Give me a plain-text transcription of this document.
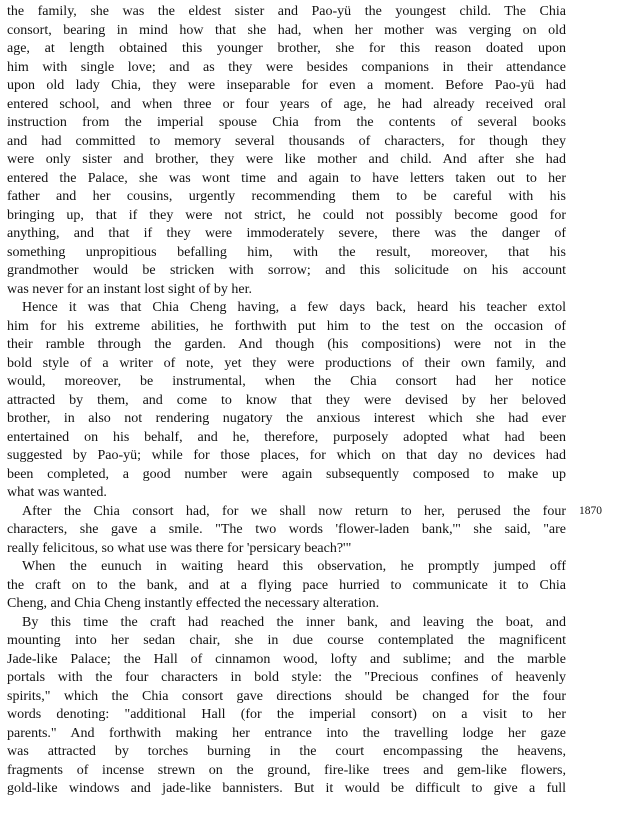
the family, she was the eldest sister and Pao-yü the youngest child. The Chia
consort, bearing in mind how that she had, when her mother was verging on old
age, at length obtained this younger brother, she for this reason doated upon
him with single love; and as they were besides companions in their attendance
upon old lady Chia, they were inseparable for even a moment. Before Pao-yü had
entered school, and when three or four years of age, he had already received oral
instruction from the imperial spouse Chia from the contents of several books
and had committed to memory several thousands of characters, for though they
were only sister and brother, they were like mother and child. And after she had
entered the Palace, she was wont time and again to have letters taken out to her
father and her cousins, urgently recommending them to be careful with his
bringing up, that if they were not strict, he could not possibly become good for
anything, and that if they were immoderately severe, there was the danger of
something unpropitious befalling him, with the result, moreover, that his
grandmother would be stricken with sorrow; and this solicitude on his account
was never for an instant lost sight of by her.
Hence it was that Chia Cheng having, a few days back, heard his teacher extol
him for his extreme abilities, he forthwith put him to the test on the occasion of
their ramble through the garden. And though (his compositions) were not in the
bold style of a writer of note, yet they were productions of their own family, and
would, moreover, be instrumental, when the Chia consort had her notice
attracted by them, and come to know that they were devised by her beloved
brother, in also not rendering nugatory the anxious interest which she had ever
entertained on his behalf, and he, therefore, purposely adopted what had been
suggested by Pao-yü; while for those places, for which on that day no devices had
been completed, a good number were again subsequently composed to make up
what was wanted.
After the Chia consort had, for we shall now return to her, perused the four
characters, she gave a smile. "The two words 'flower-laden bank,'" she said, "are
really felicitous, so what use was there for 'persicary beach?'"
When the eunuch in waiting heard this observation, he promptly jumped off
the craft on to the bank, and at a flying pace hurried to communicate it to Chia
Cheng, and Chia Cheng instantly effected the necessary alteration.
By this time the craft had reached the inner bank, and leaving the boat, and
mounting into her sedan chair, she in due course contemplated the magnificent
Jade-like Palace; the Hall of cinnamon wood, lofty and sublime; and the marble
portals with the four characters in bold style: the "Precious confines of heavenly
spirits," which the Chia consort gave directions should be changed for the four
words denoting: "additional Hall (for the imperial consort) on a visit to her
parents." And forthwith making her entrance into the travelling lodge her gaze
was attracted by torches burning in the court encompassing the heavens,
fragments of incense strewn on the ground, fire-like trees and gem-like flowers,
gold-like windows and jade-like bannisters. But it would be difficult to give a full
1870
